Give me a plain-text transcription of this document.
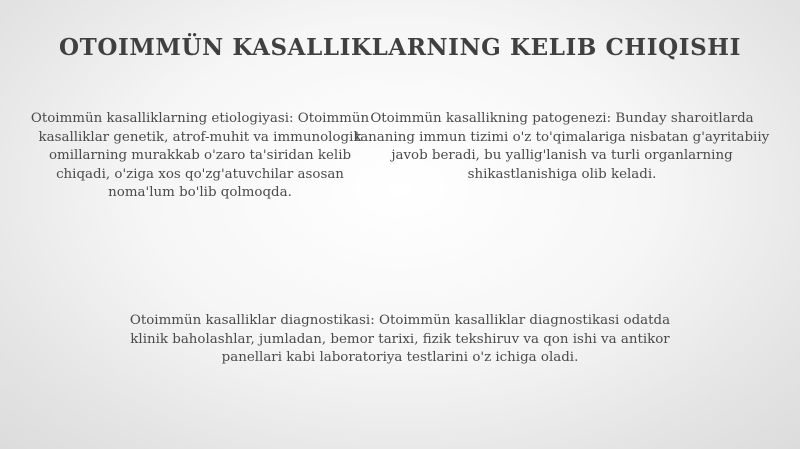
OTOIMMÜN KASALLIKLARNING KELIB CHIQISHI
Otoimmün kasalliklarning etiologiyasi: Otoimmün kasalliklar genetik, atrof-muhit va immunologik omillarning murakkab o'zaro ta'siridan kelib chiqadi, o'ziga xos qo'zg'atuvchilar asosan noma'lum bo'lib qolmoqda.
Otoimmün kasallikning patogenezi: Bunday sharoitlarda tananing immun tizimi o'z to'qimalariga nisbatan g'ayritabiiy javob beradi, bu yallig'lanish va turli organlarning shikastlanishiga olib keladi.
Otoimmün kasalliklar diagnostikasi: Otoimmün kasalliklar diagnostikasi odatda klinik baholashlar, jumladan, bemor tarixi, fizik tekshiruv va qon ishi va antikor panellari kabi laboratoriya testlarini o'z ichiga oladi.
